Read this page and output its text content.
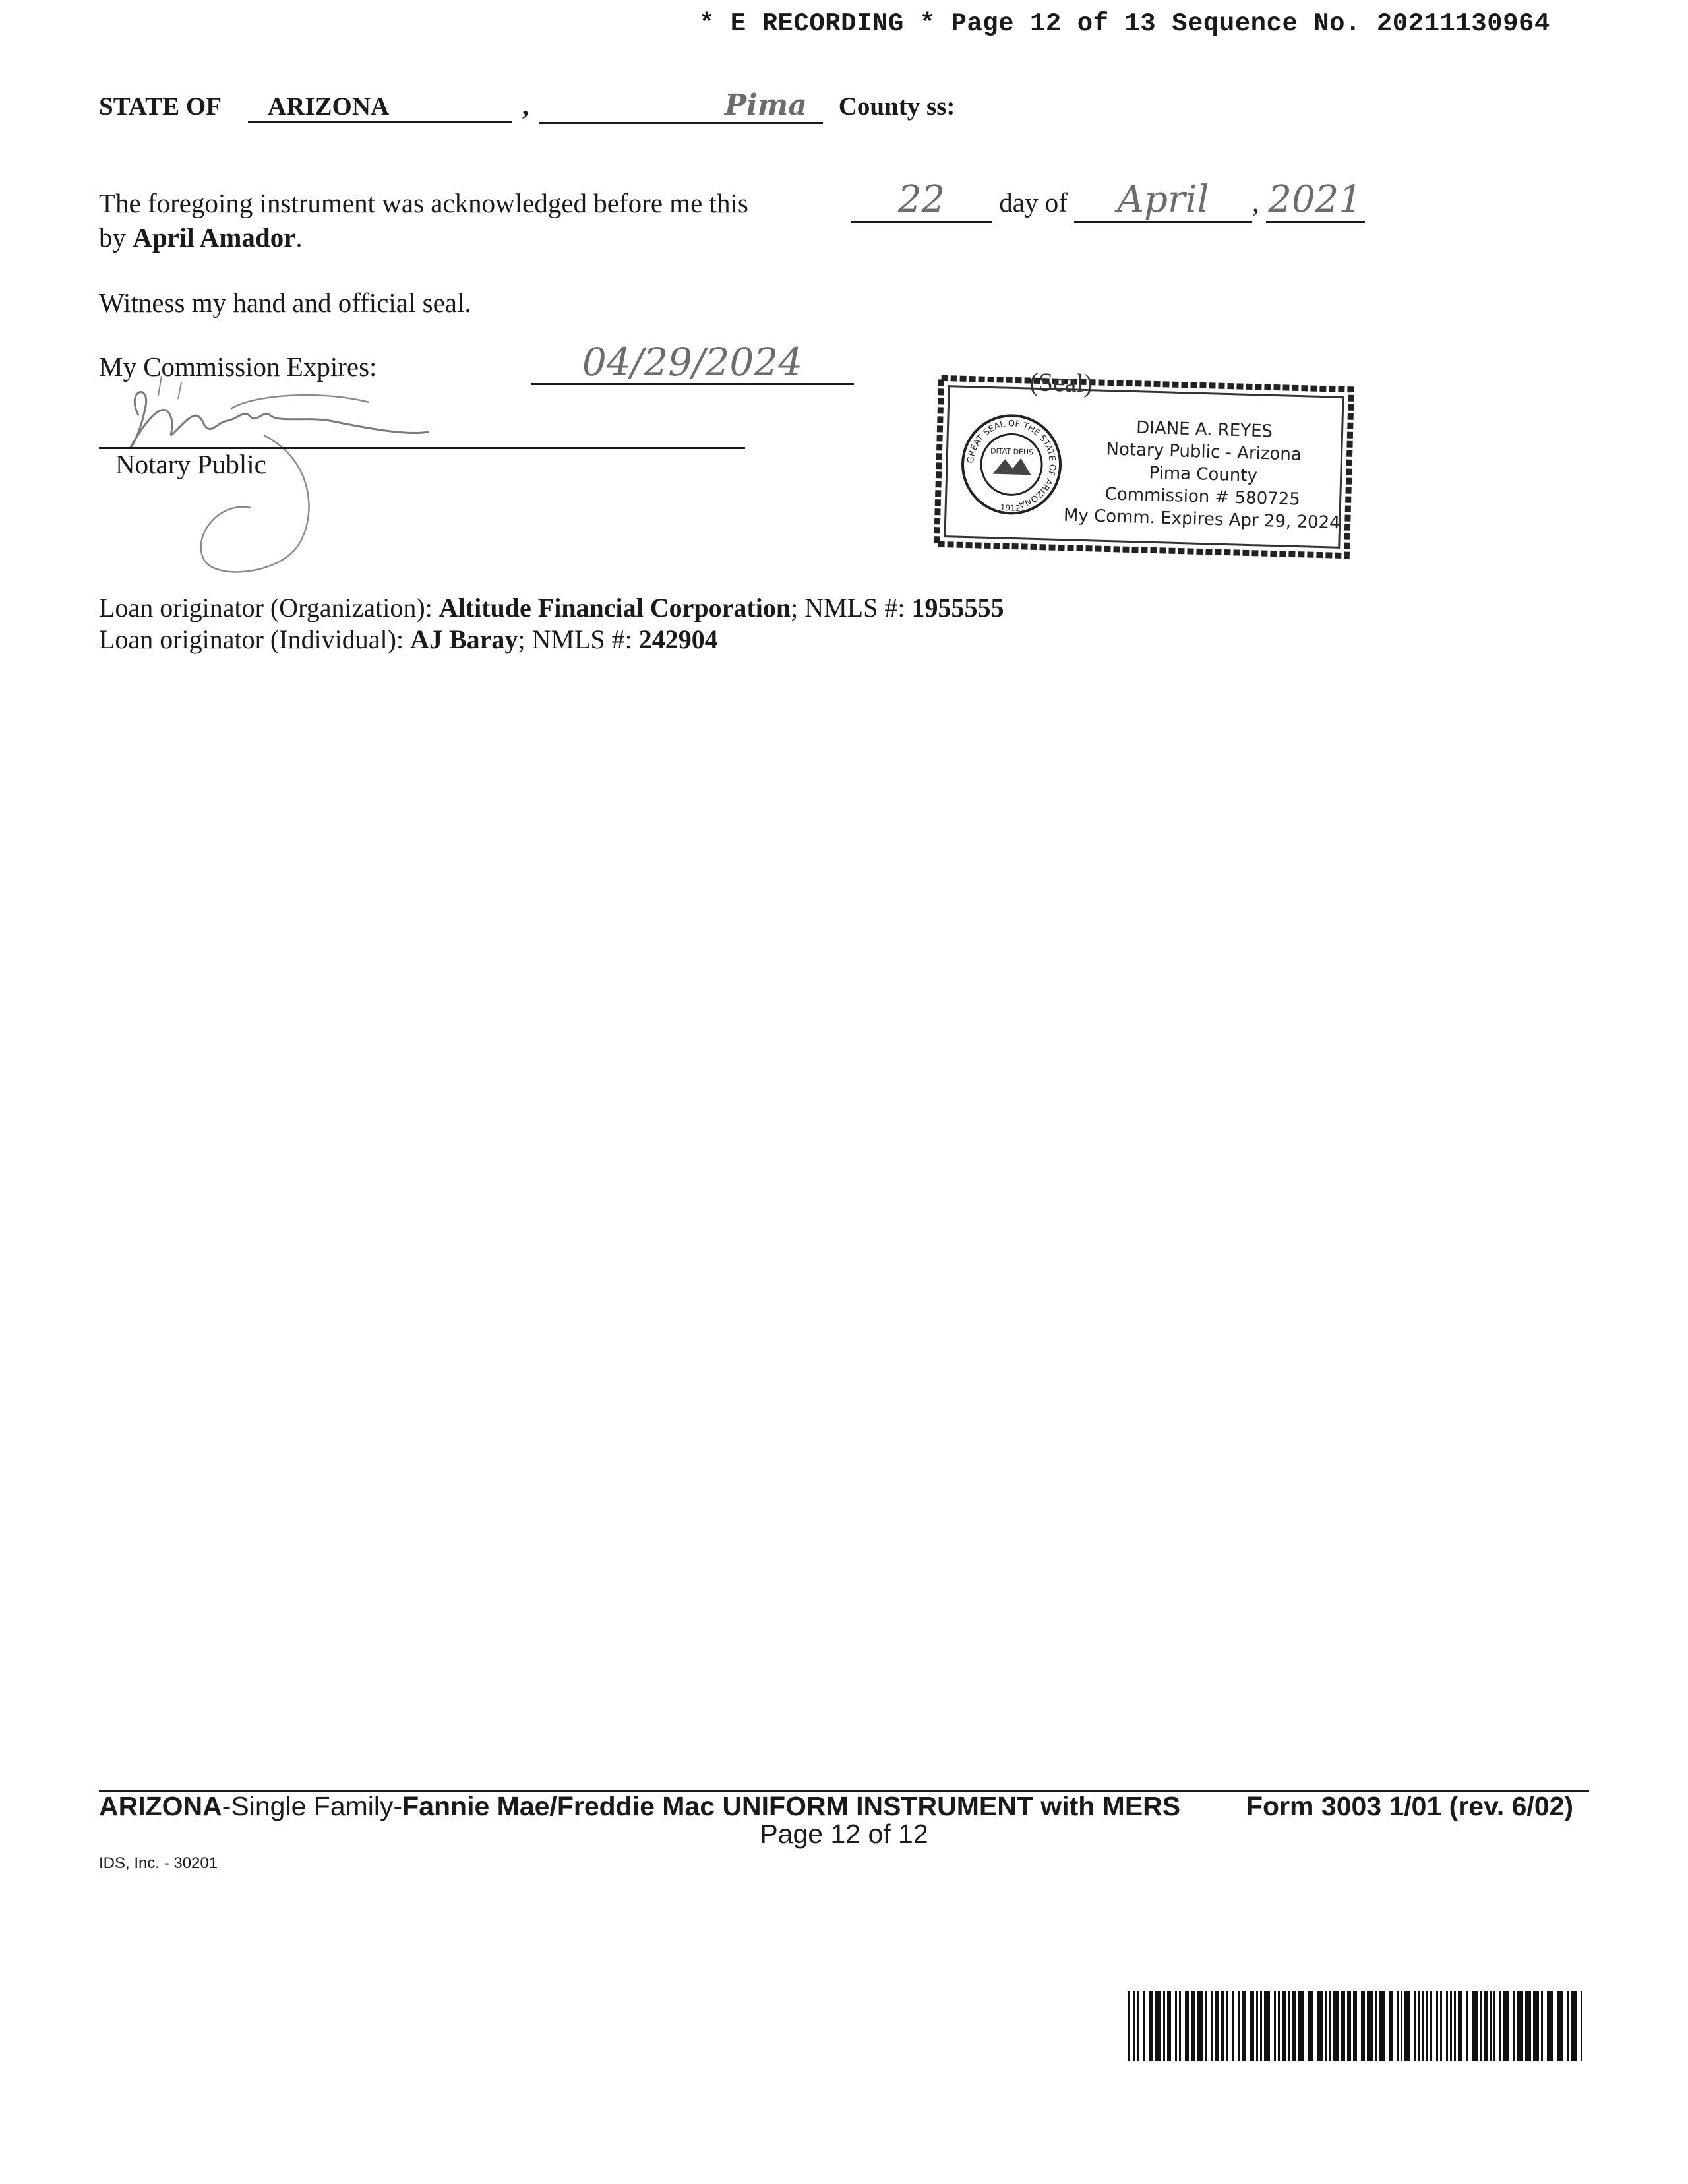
* E RECORDING * Page 12 of 13 Sequence No. 20211130964
STATE OF ARIZONA	,	Pima County ss:
The foregoing instrument was acknowledged before me this
by April Amador.
22 day of April , 2021
Witness my hand and official seal.
My Commission Expires:	04/29/2024
Notary Public
(Seal)
GREAT SEAL OF THE STATE OF ARIZONA
DITAT DEUS
1912
DIANE A. REYES
Notary Public - Arizona
Pima County
Commission # 580725
My Comm. Expires Apr 29, 2024
Loan originator (Organization): Altitude Financial Corporation; NMLS #: 1955555
Loan originator (Individual): AJ Baray; NMLS #: 242904
ARIZONA-Single Family-Fannie Mae/Freddie Mac UNIFORM INSTRUMENT with MERS Form 3003 1/01 (rev. 6/02)
Page 12 of 12
IDS, Inc. - 30201
